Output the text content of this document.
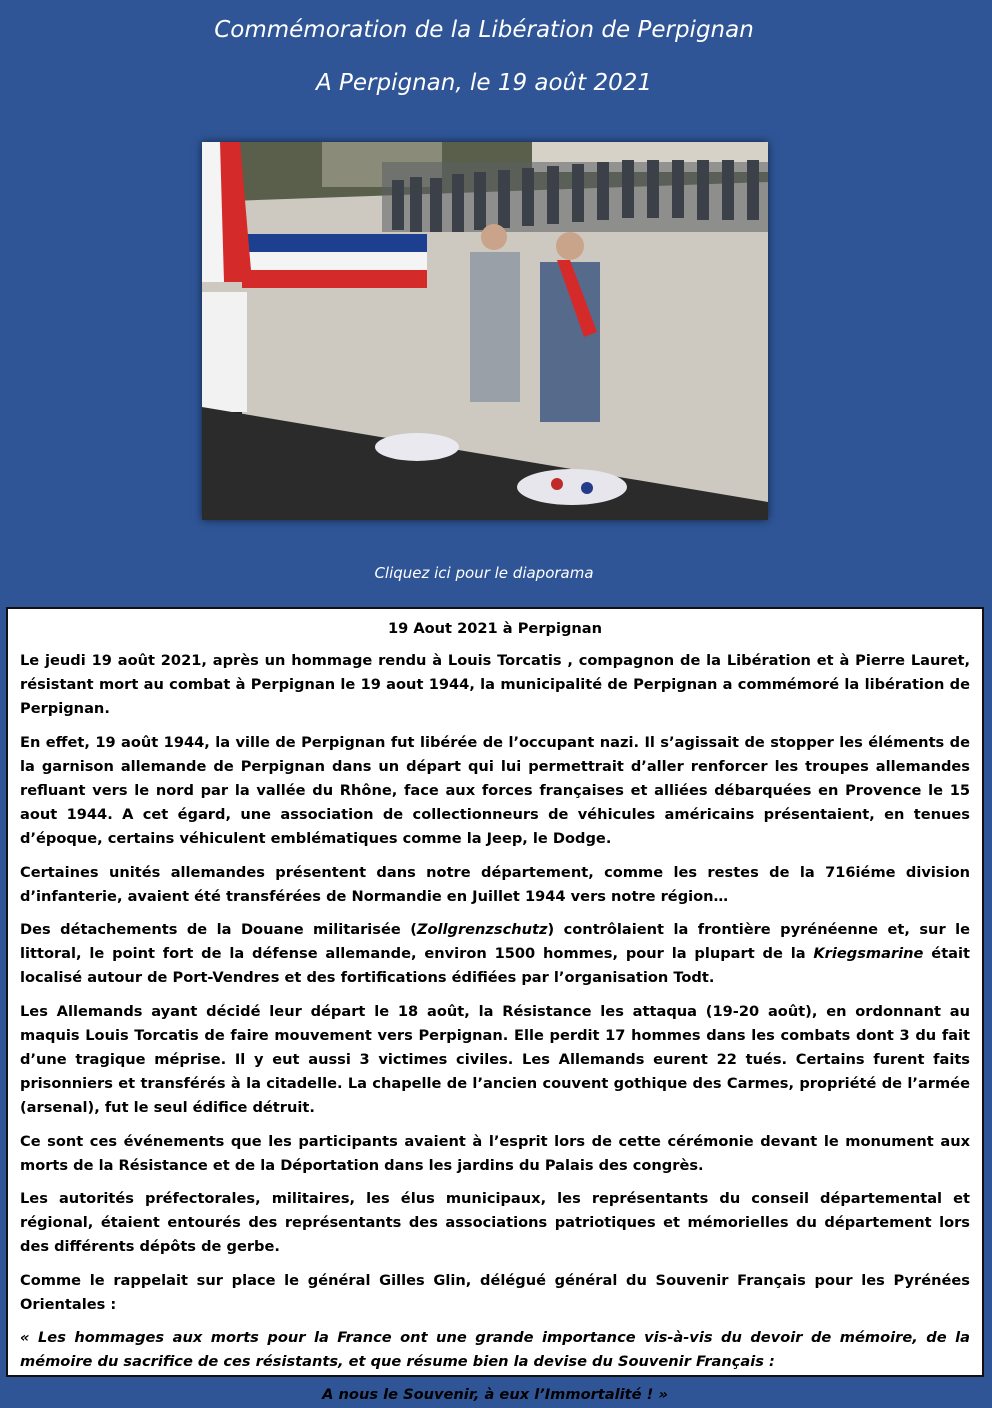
Commémoration de la Libération de Perpignan
A Perpignan, le 19 août 2021
Cliquez ici pour le diaporama
19 Aout 2021 à Perpignan

Le jeudi 19 août 2021, après un hommage rendu à Louis Torcatis , compagnon de la Libération et à Pierre Lauret, résistant mort au combat à Perpignan le 19 aout 1944, la municipalité de Perpignan a commémoré la libération de Perpignan.

En effet, 19 août 1944, la ville de Perpignan fut libérée de l’occupant nazi. Il s’agissait de stopper les éléments de la garnison allemande de Perpignan dans un départ qui lui permettrait d’aller renforcer les troupes allemandes refluant vers le nord par la vallée du Rhône, face aux forces françaises et alliées débarquées en Provence le 15 aout 1944. A cet égard, une association de collectionneurs de véhicules américains présentaient, en tenues d’époque, certains véhiculent emblématiques comme la Jeep, le Dodge.

Certaines unités allemandes présentent dans notre département, comme les restes de la 716iéme division d’infanterie, avaient été transférées de Normandie en Juillet 1944 vers notre région…

Des détachements de la Douane militarisée (Zollgrenzschutz) contrôlaient la frontière pyrénéenne et, sur le littoral, le point fort de la défense allemande, environ 1500 hommes, pour la plupart de la Kriegsmarine était localisé autour de Port-Vendres et des fortifications édifiées par l’organisation Todt.

Les Allemands ayant décidé leur départ le 18 août, la Résistance les attaqua (19-20 août), en ordonnant au maquis Louis Torcatis de faire mouvement vers Perpignan. Elle perdit 17 hommes dans les combats dont 3 du fait d’une tragique méprise. Il y eut aussi 3 victimes civiles. Les Allemands eurent 22 tués. Certains furent faits prisonniers et transférés à la citadelle. La chapelle de l’ancien couvent gothique des Carmes, propriété de l’armée (arsenal), fut le seul édifice détruit.

Ce sont ces événements que les participants avaient à l’esprit lors de cette cérémonie devant le monument aux morts de la Résistance et de la Déportation dans les jardins du Palais des congrès.

Les autorités préfectorales, militaires, les élus municipaux, les représentants du conseil départemental et régional, étaient entourés des représentants des associations patriotiques et mémorielles du département lors des différents dépôts de gerbe.

Comme le rappelait sur place le général Gilles Glin, délégué général du Souvenir Français pour les Pyrénées Orientales :

« Les hommages aux morts pour la France ont une grande importance vis-à-vis du devoir de mémoire, de la mémoire du sacrifice de ces résistants, et que résume bien la devise du Souvenir Français :

A nous le Souvenir, à eux l’Immortalité ! »
